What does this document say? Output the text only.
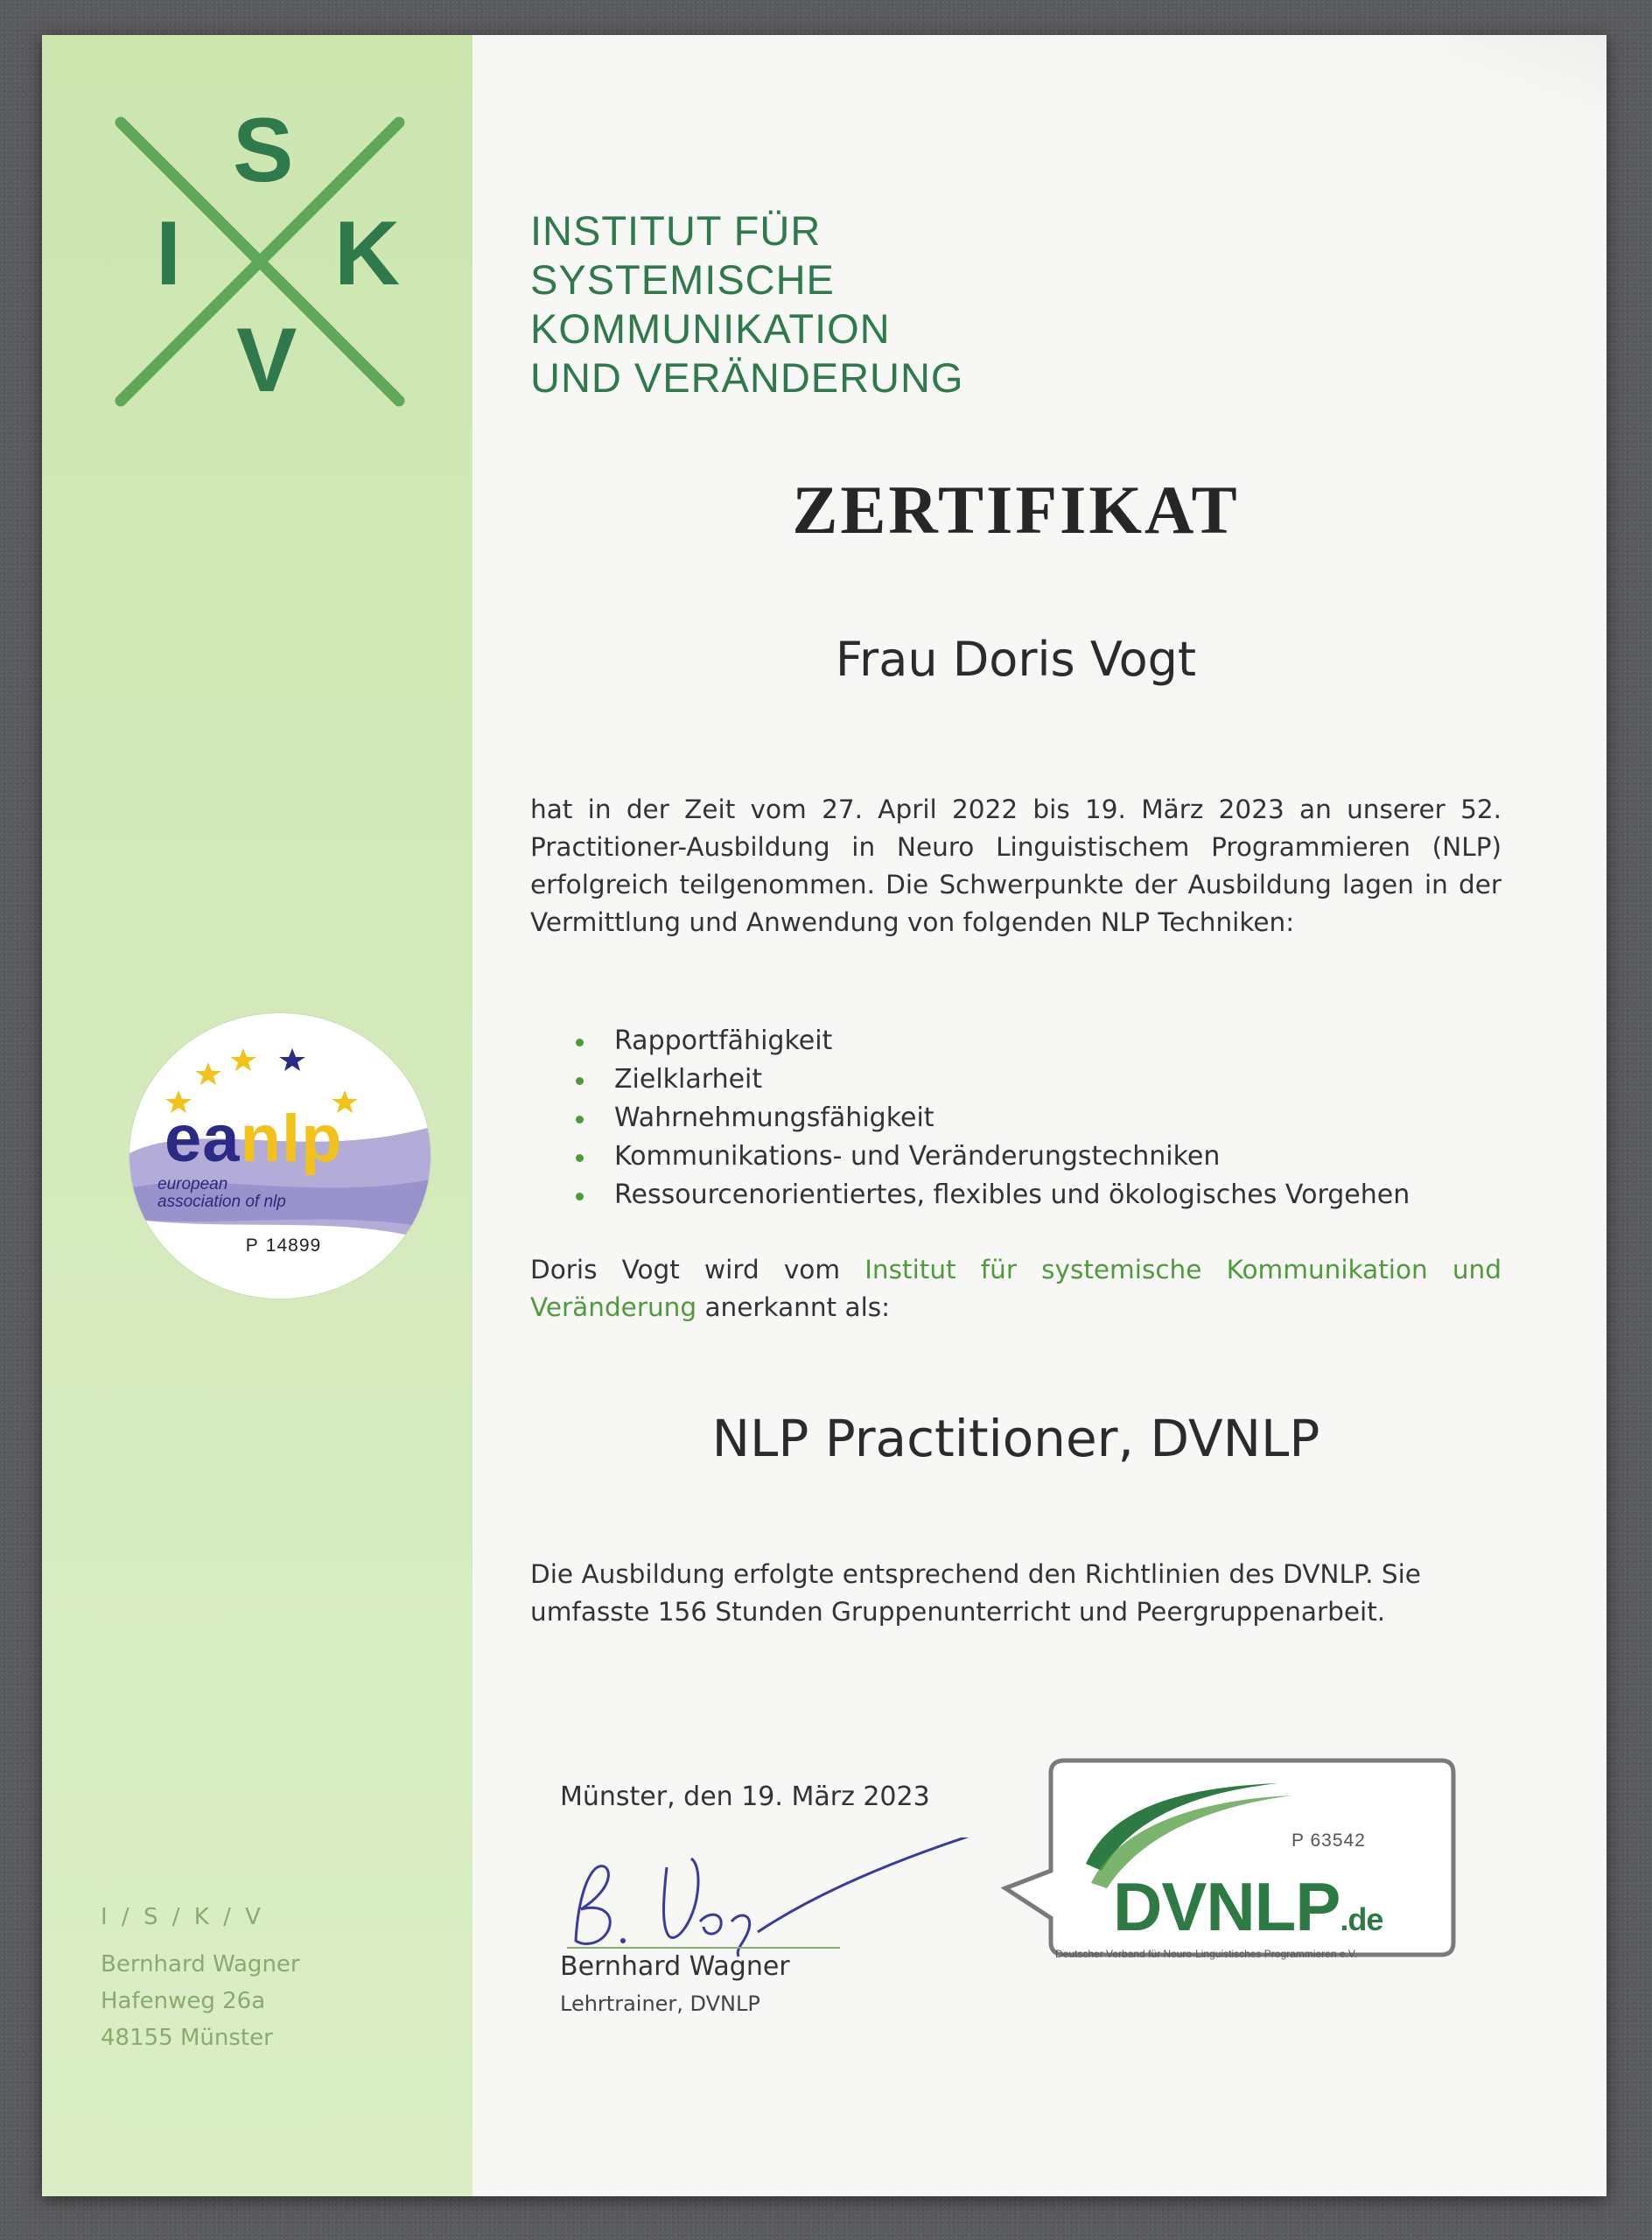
S
I K
V
INSTITUT FÜR
SYSTEMISCHE
KOMMUNIKATION
UND VERÄNDERUNG
ZERTIFIKAT
Frau Doris Vogt
hat in der Zeit vom 27. April 2022 bis 19. März 2023 an unserer 52. Practitioner-Ausbildung in Neuro Linguistischem Programmieren (NLP) erfolgreich teilgenommen. Die Schwerpunkte der Ausbildung lagen in der Vermittlung und Anwendung von folgenden NLP Techniken:
Rapportfähigkeit
Zielklarheit
Wahrnehmungsfähigkeit
Kommunikations- und Veränderungstechniken
Ressourcenorientiertes, flexibles und ökologisches Vorgehen
Doris Vogt wird vom Institut für systemische Kommunikation und Veränderung anerkannt als:
NLP Practitioner, DVNLP
Die Ausbildung erfolgte entsprechend den Richtlinien des DVNLP. Sie umfasste 156 Stunden Gruppenunterricht und Peergruppenarbeit.
Münster, den 19. März 2023
Bernhard Wagner
Lehrtrainer, DVNLP
eanlp
european
association of nlp
P 14899
P 63542
DVNLP.de
Deutscher Verband für Neuro-Linguistisches Programmieren e.V.
I / S / K / V
Bernhard Wagner
Hafenweg 26a
48155 Münster
